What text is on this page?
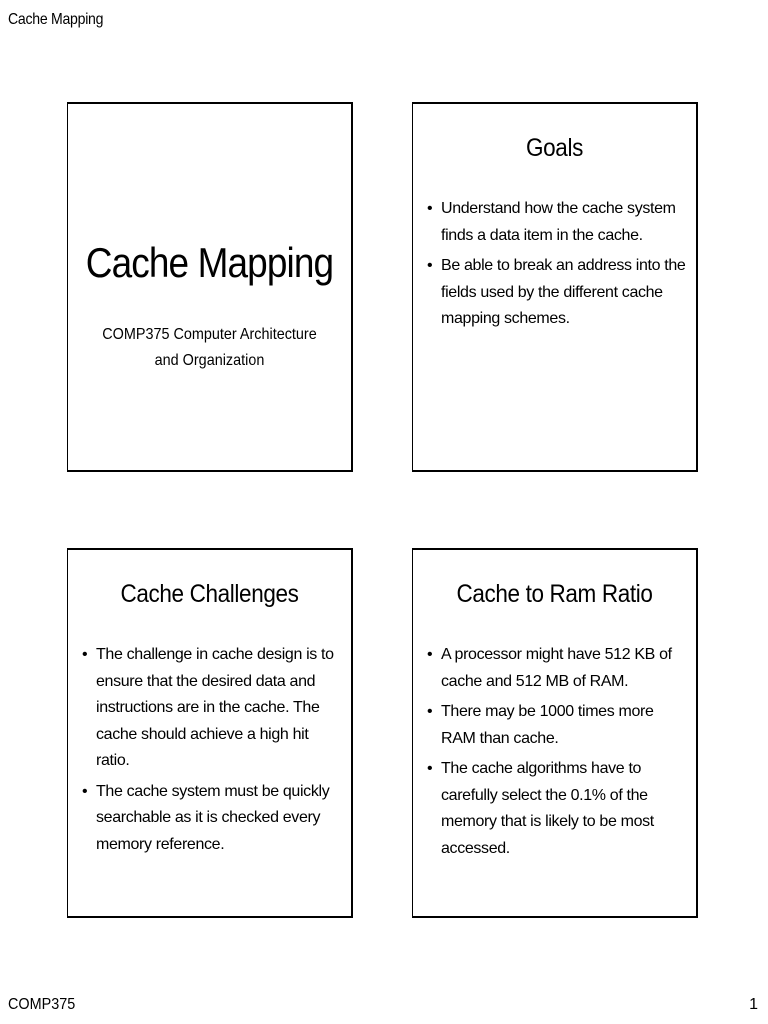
Cache Mapping
Cache Mapping
COMP375 Computer Architecture
and Organization
Goals
• Understand how the cache system finds a data item in the cache.
• Be able to break an address into the fields used by the different cache mapping schemes.
Cache Challenges
• The challenge in cache design is to ensure that the desired data and instructions are in the cache. The cache should achieve a high hit ratio.
• The cache system must be quickly searchable as it is checked every memory reference.
Cache to Ram Ratio
• A processor might have 512 KB of cache and 512 MB of RAM.
• There may be 1000 times more RAM than cache.
• The cache algorithms have to carefully select the 0.1% of the memory that is likely to be most accessed.
COMP375	1
